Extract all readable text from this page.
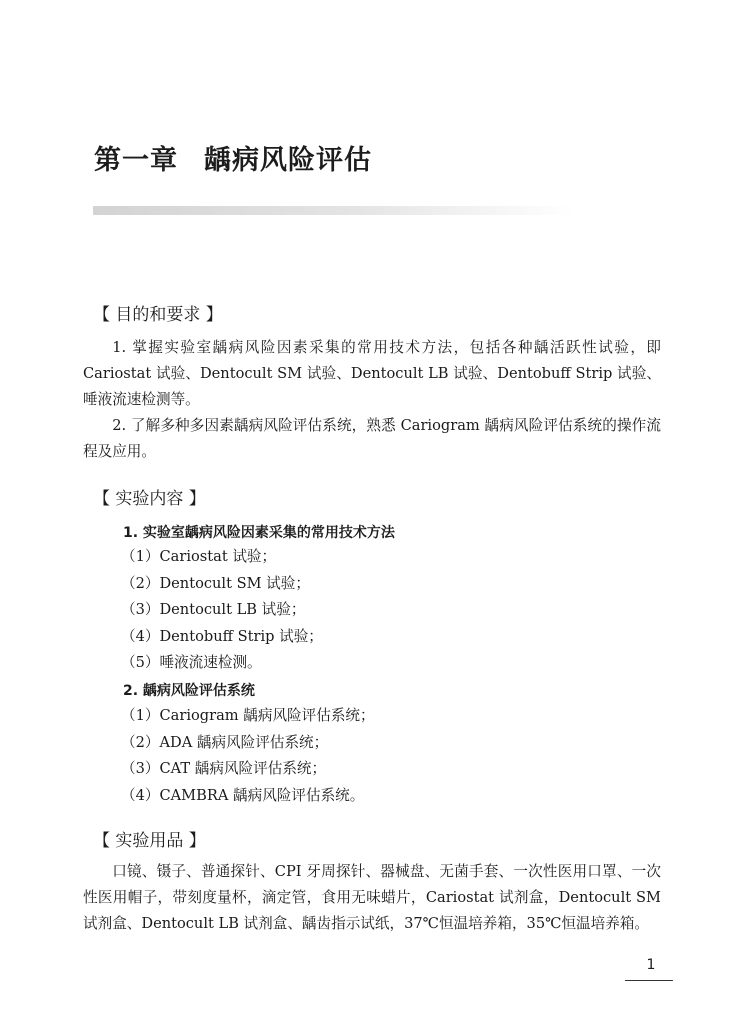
第一章 龋病风险评估
【 目的和要求 】

1. 掌握实验室龋病风险因素采集的常用技术方法，包括各种龋活跃性试验，即 Cariostat 试验、Dentocult SM 试验、Dentocult LB 试验、Dentobuff Strip 试验、唾液流速检测等。

2. 了解多种多因素龋病风险评估系统，熟悉 Cariogram 龋病风险评估系统的操作流程及应用。

【 实验内容 】
1. 实验室龋病风险因素采集的常用技术方法
（1）Cariostat 试验；
（2）Dentocult SM 试验；
（3）Dentocult LB 试验；
（4）Dentobuff Strip 试验；
（5）唾液流速检测。
2. 龋病风险评估系统
（1）Cariogram 龋病风险评估系统；
（2）ADA 龋病风险评估系统；
（3）CAT 龋病风险评估系统；
（4）CAMBRA 龋病风险评估系统。
【 实验用品 】

口镜、镊子、普通探针、CPI 牙周探针、器械盘、无菌手套、一次性医用口罩、一次性医用帽子，带刻度量杯，滴定管，食用无味蜡片，Cariostat 试剂盒，Dentocult SM 试剂盒、Dentocult LB 试剂盒、龋齿指示试纸，37℃恒温培养箱，35℃恒温培养箱。

1
